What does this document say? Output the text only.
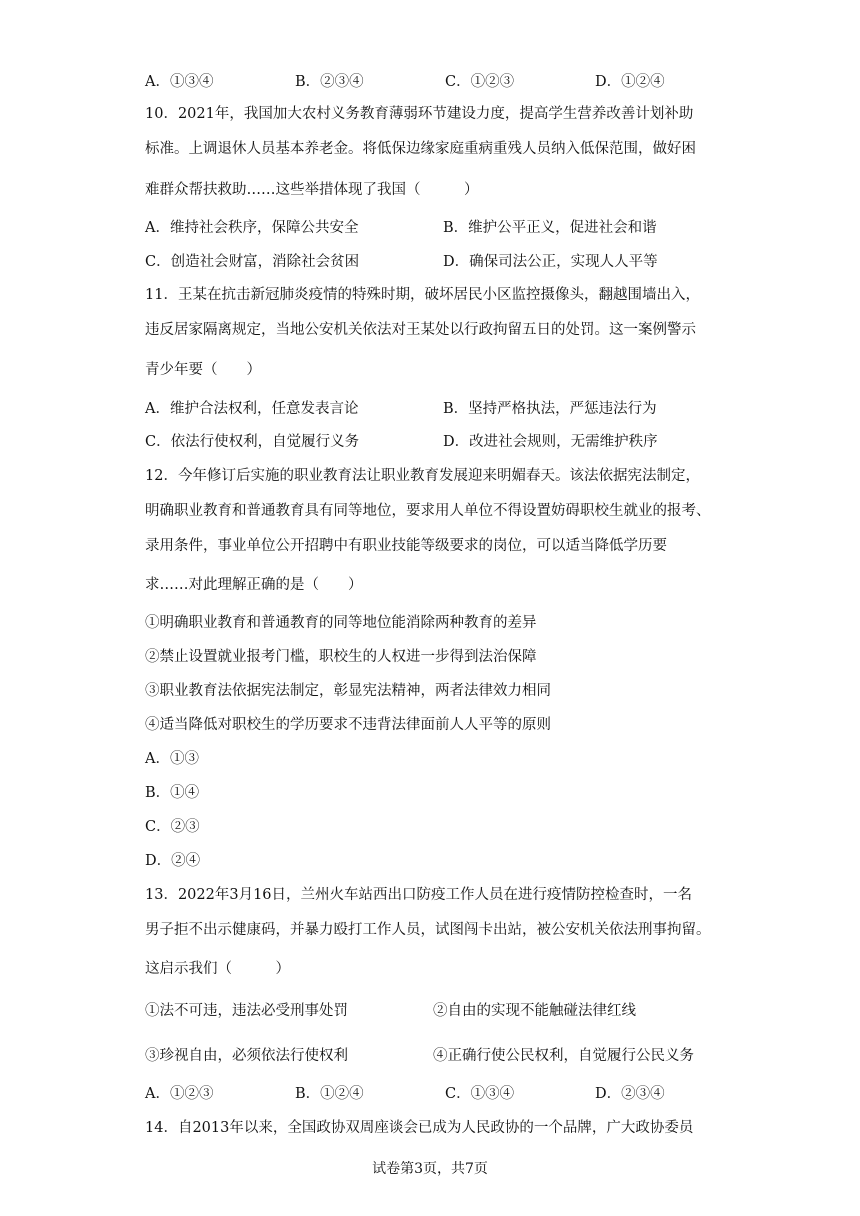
A．①③④	B．②③④	C．①②③	D．①②④
10．2021年，我国加大农村义务教育薄弱环节建设力度，提高学生营养改善计划补助
标准。上调退休人员基本养老金。将低保边缘家庭重病重残人员纳入低保范围，做好困
难群众帮扶救助……这些举措体现了我国（　　　）
A．维持社会秩序，保障公共安全	B．维护公平正义，促进社会和谐
C．创造社会财富，消除社会贫困	D．确保司法公正，实现人人平等
11．王某在抗击新冠肺炎疫情的特殊时期，破坏居民小区监控摄像头，翻越围墙出入，
违反居家隔离规定，当地公安机关依法对王某处以行政拘留五日的处罚。这一案例警示
青少年要（　　）
A．维护合法权利，任意发表言论	B．坚持严格执法，严惩违法行为
C．依法行使权利，自觉履行义务	D．改进社会规则，无需维护秩序
12．今年修订后实施的职业教育法让职业教育发展迎来明媚春天。该法依据宪法制定，
明确职业教育和普通教育具有同等地位，要求用人单位不得设置妨碍职校生就业的报考、
录用条件，事业单位公开招聘中有职业技能等级要求的岗位，可以适当降低学历要
求……对此理解正确的是（　　）
①明确职业教育和普通教育的同等地位能消除两种教育的差异
②禁止设置就业报考门槛，职校生的人权进一步得到法治保障
③职业教育法依据宪法制定，彰显宪法精神，两者法律效力相同
④适当降低对职校生的学历要求不违背法律面前人人平等的原则
A．①③
B．①④
C．②③
D．②④
13．2022年3月16日，兰州火车站西出口防疫工作人员在进行疫情防控检查时，一名
男子拒不出示健康码，并暴力殴打工作人员，试图闯卡出站，被公安机关依法刑事拘留。
这启示我们（　　　）
①法不可违，违法必受刑事处罚	②自由的实现不能触碰法律红线
③珍视自由，必须依法行使权利	④正确行使公民权利，自觉履行公民义务
A．①②③	B．①②④	C．①③④	D．②③④
14．自2013年以来，全国政协双周座谈会已成为人民政协的一个品牌，广大政协委员
试卷第3页，共7页
